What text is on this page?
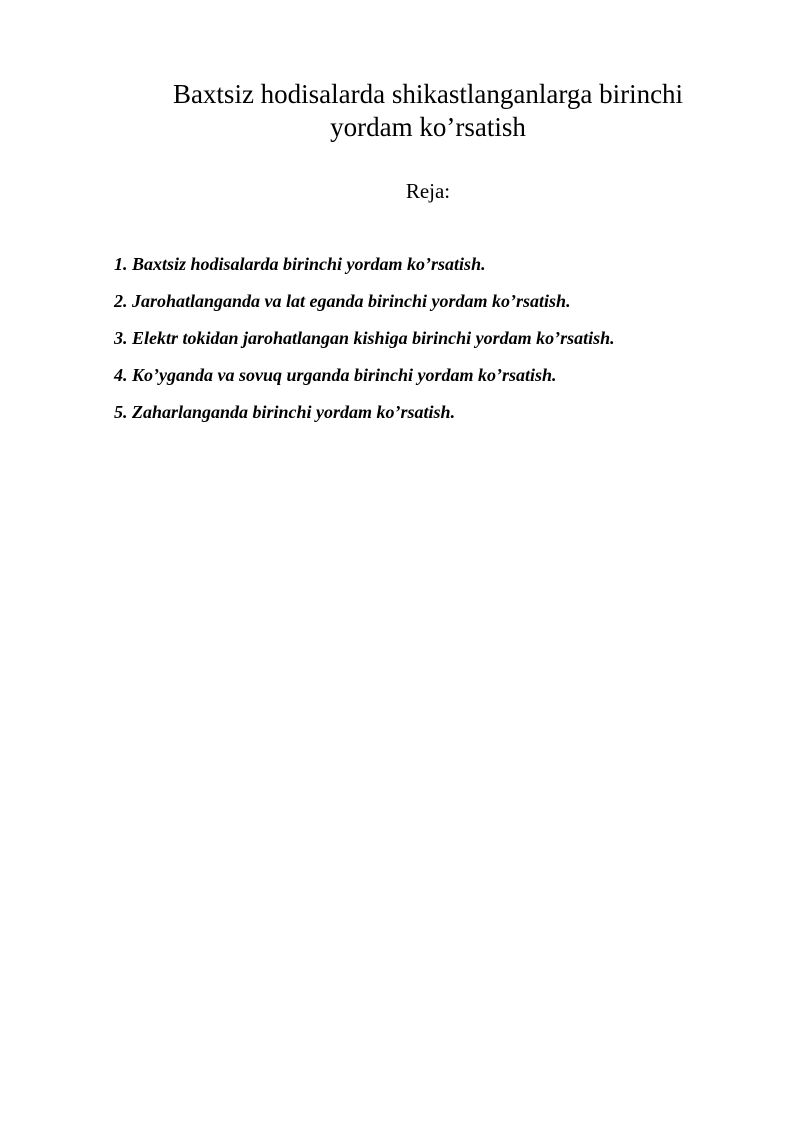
Baxtsiz hodisalarda shikastlanganlarga birinchi
yordam ko’rsatish
Reja:
1. Baxtsiz hodisalarda birinchi yordam ko’rsatish.
2. Jarohatlanganda va lat eganda birinchi yordam ko’rsatish.
3. Elektr tokidan jarohatlangan kishiga birinchi yordam ko’rsatish.
4. Ko’yganda va sovuq urganda birinchi yordam ko’rsatish.
5. Zaharlanganda birinchi yordam ko’rsatish.
